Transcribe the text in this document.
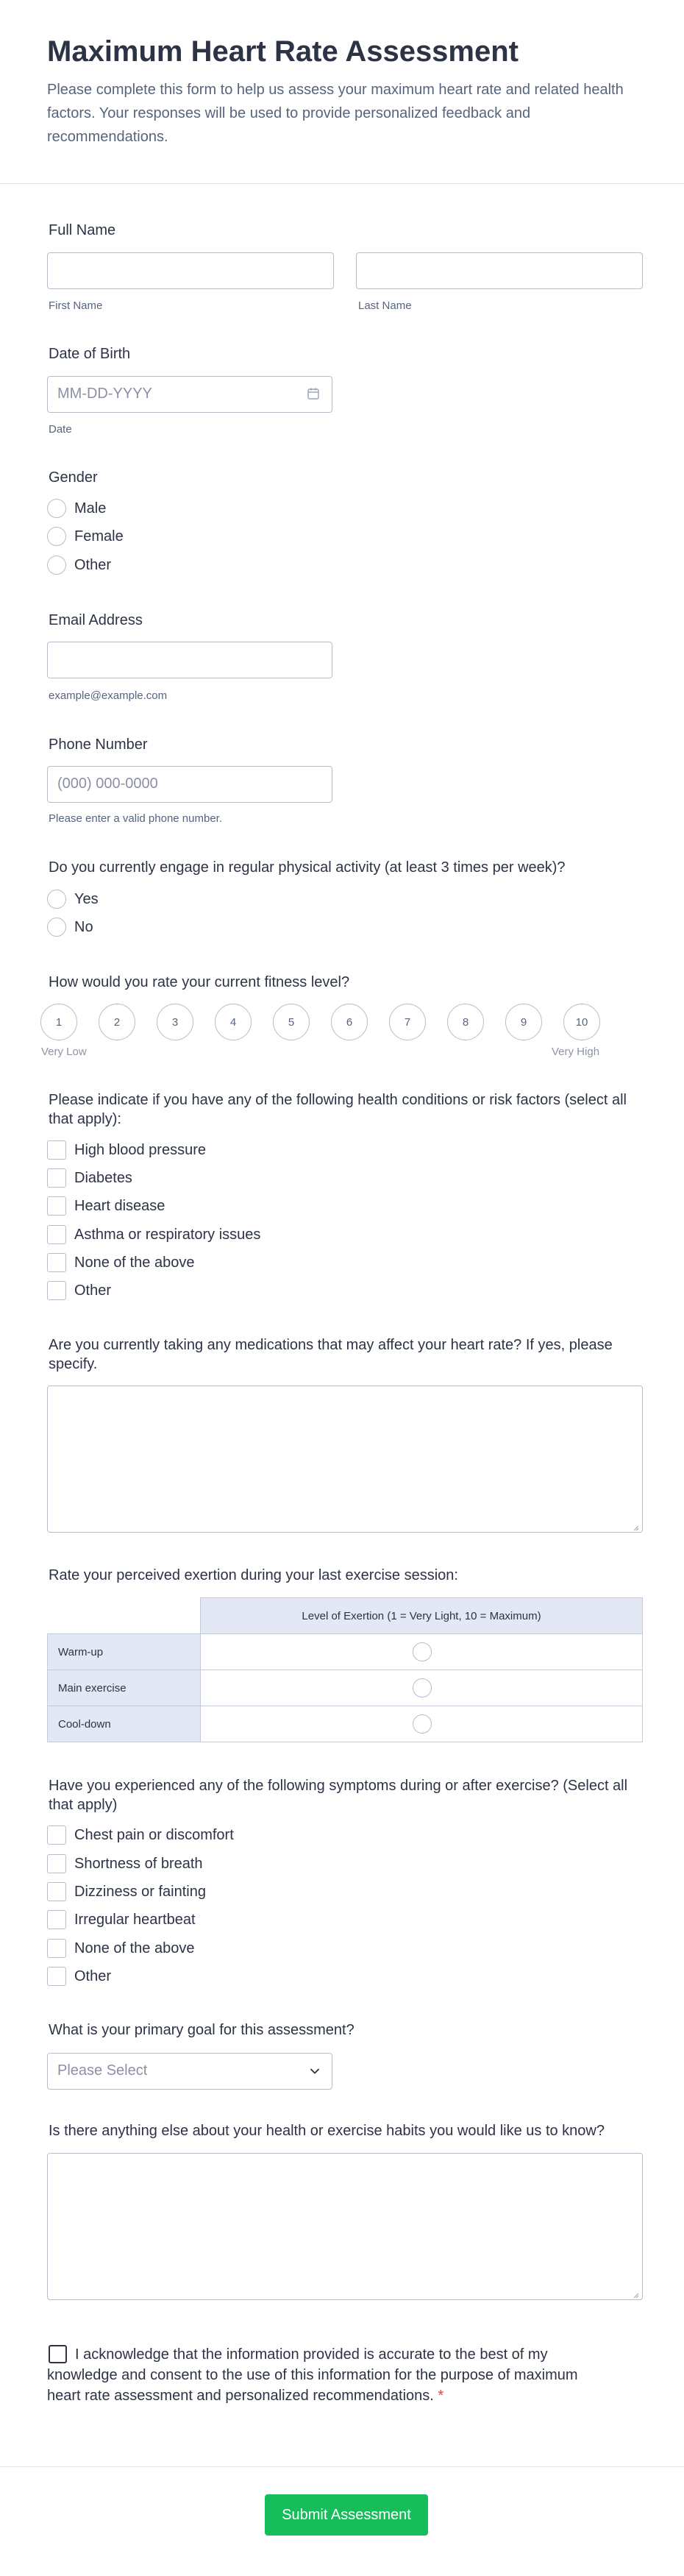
Maximum Heart Rate Assessment
Please complete this form to help us assess your maximum heart rate and related health factors. Your responses will be used to provide personalized feedback and recommendations.
Full Name
First Name	Last Name
Date of Birth
MM-DD-YYYY
Date
Gender
Male
Female
Other
Email Address
example@example.com
Phone Number
(000) 000-0000
Please enter a valid phone number.
Do you currently engage in regular physical activity (at least 3 times per week)?
Yes
No
How would you rate your current fitness level?
1	2	3	4	5	6	7	8	9	10
Very Low	Very High
Please indicate if you have any of the following health conditions or risk factors (select all that apply):
High blood pressure
Diabetes
Heart disease
Asthma or respiratory issues
None of the above
Other
Are you currently taking any medications that may affect your heart rate? If yes, please specify.
Rate your perceived exertion during your last exercise session:
Level of Exertion (1 = Very Light, 10 = Maximum)
Warm-up
Main exercise
Cool-down
Have you experienced any of the following symptoms during or after exercise? (Select all that apply)
Chest pain or discomfort
Shortness of breath
Dizziness or fainting
Irregular heartbeat
None of the above
Other
What is your primary goal for this assessment?
Please Select
Is there anything else about your health or exercise habits you would like us to know?
I acknowledge that the information provided is accurate to the best of my knowledge and consent to the use of this information for the purpose of maximum heart rate assessment and personalized recommendations. *
Submit Assessment
